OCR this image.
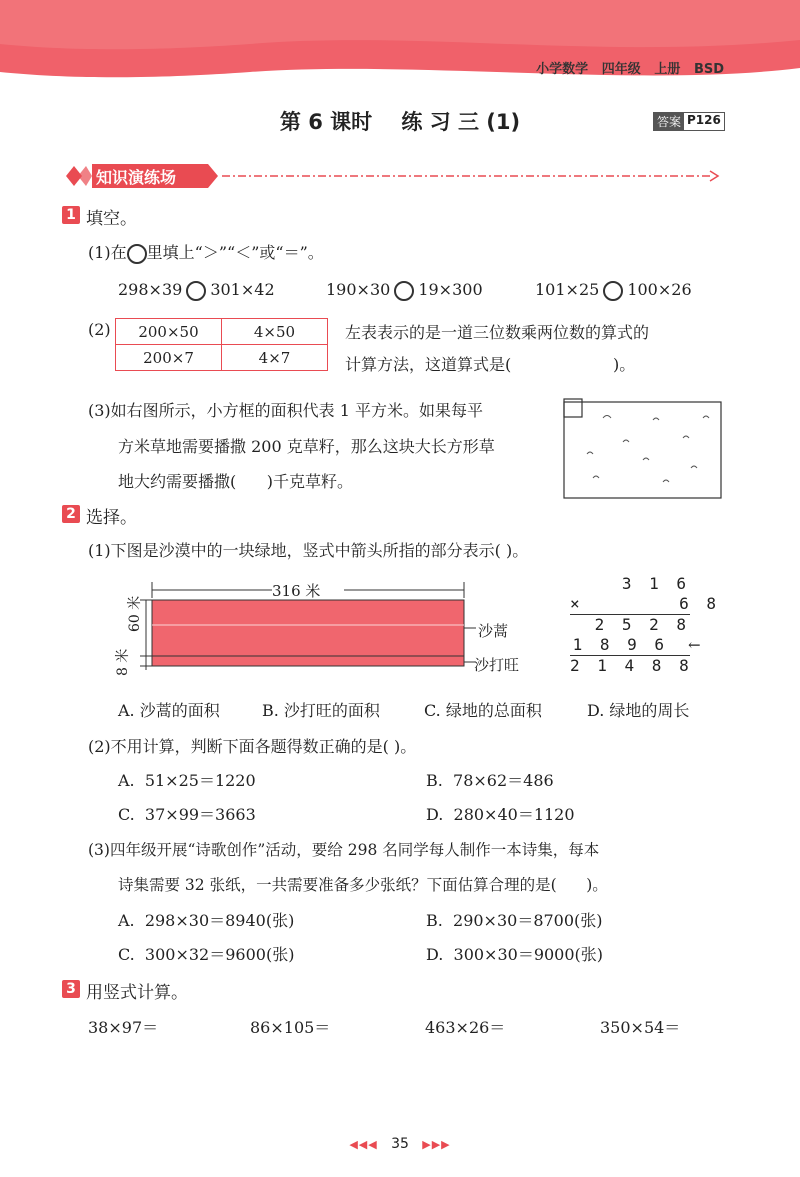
小学数学 四年级 上册 BSD
第 6 课时    练 习 三 (1)	答案 P126
知识演练场
1 填空。
(1)在 里填上“＞”“＜”或“＝”。
298×39 301×42	190×30 19×300	101×25 100×26
(2) 200×50	4×50
200×7	4×7
左表表示的是一道三位数乘两位数的算式的
计算方法，这道算式是(                    )。
(3)如右图所示，小方框的面积代表 1 平方米。如果每平
方米草地需要播撒 200 克草籽，那么这块大长方形草
地大约需要播撒(      )千克草籽。
2 选择。
(1)下图是沙漠中的一块绿地，竖式中箭头所指的部分表示( )。
316 米
60 米
8 米
沙蒿
沙打旺
3 1 6
×       6 8
2 5 2 8
1 8 9 6
2 1 4 8 8
←
A. 沙蒿的面积	B. 沙打旺的面积	C. 绿地的总面积	D. 绿地的周长
(2)不用计算，判断下面各题得数正确的是( )。
A.  51×25＝1220	B.  78×62＝486
C.  37×99＝3663	D.  280×40＝1120
(3)四年级开展“诗歌创作”活动，要给 298 名同学每人制作一本诗集，每本
诗集需要 32 张纸，一共需要准备多少张纸？下面估算合理的是(      )。
A.  298×30＝8940(张)	B.  290×30＝8700(张)
C.  300×32＝9600(张)	D.  300×30＝9000(张)
3 用竖式计算。
38×97＝	86×105＝	463×26＝	350×54＝
◀◀◀ 35 ▶▶▶
